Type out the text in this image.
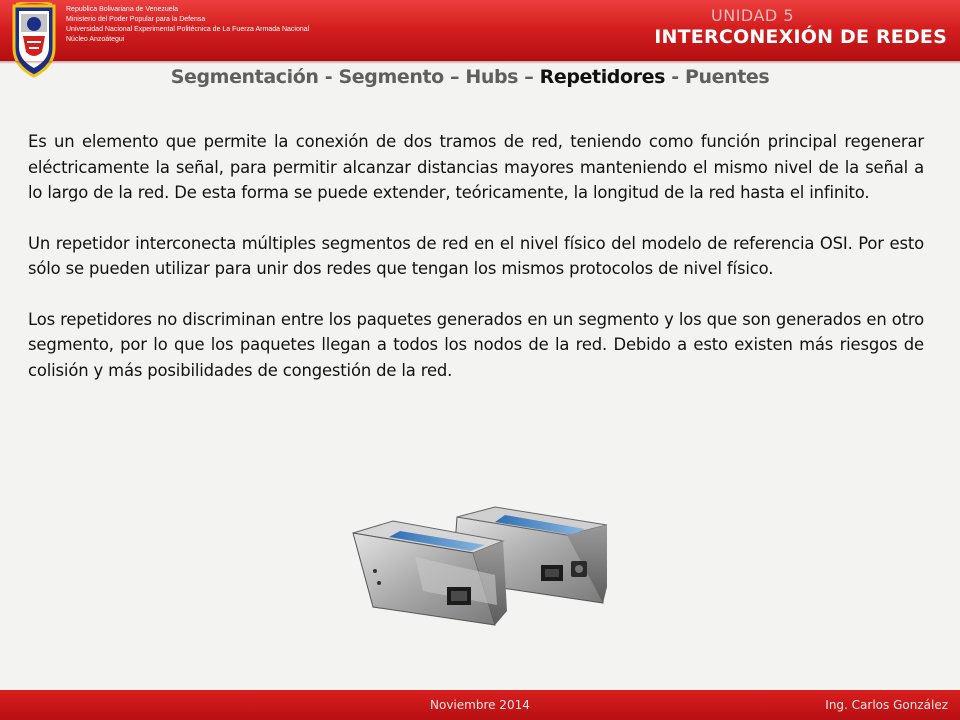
Republica Bolivariana de Venezuela
Ministerio del Poder Popular para la Defensa
Universidad Nacional Experimental Politécnica de La Fuerza Armada Nacional
Núcleo Anzoátegui
UNIDAD 5
INTERCONEXIÓN DE REDES
Segmentación - Segmento – Hubs – Repetidores - Puentes

Es un elemento que permite la conexión de dos tramos de red, teniendo como función principal regenerar eléctricamente la señal, para permitir alcanzar distancias mayores manteniendo el mismo nivel de la señal a lo largo de la red. De esta forma se puede extender, teóricamente, la longitud de la red hasta el infinito.

Un repetidor interconecta múltiples segmentos de red en el nivel físico del modelo de referencia OSI. Por esto sólo se pueden utilizar para unir dos redes que tengan los mismos protocolos de nivel físico.

Los repetidores no discriminan entre los paquetes generados en un segmento y los que son generados en otro segmento, por lo que los paquetes llegan a todos los nodos de la red. Debido a esto existen más riesgos de colisión y más posibilidades de congestión de la red.

Noviembre 2014	Ing. Carlos González
